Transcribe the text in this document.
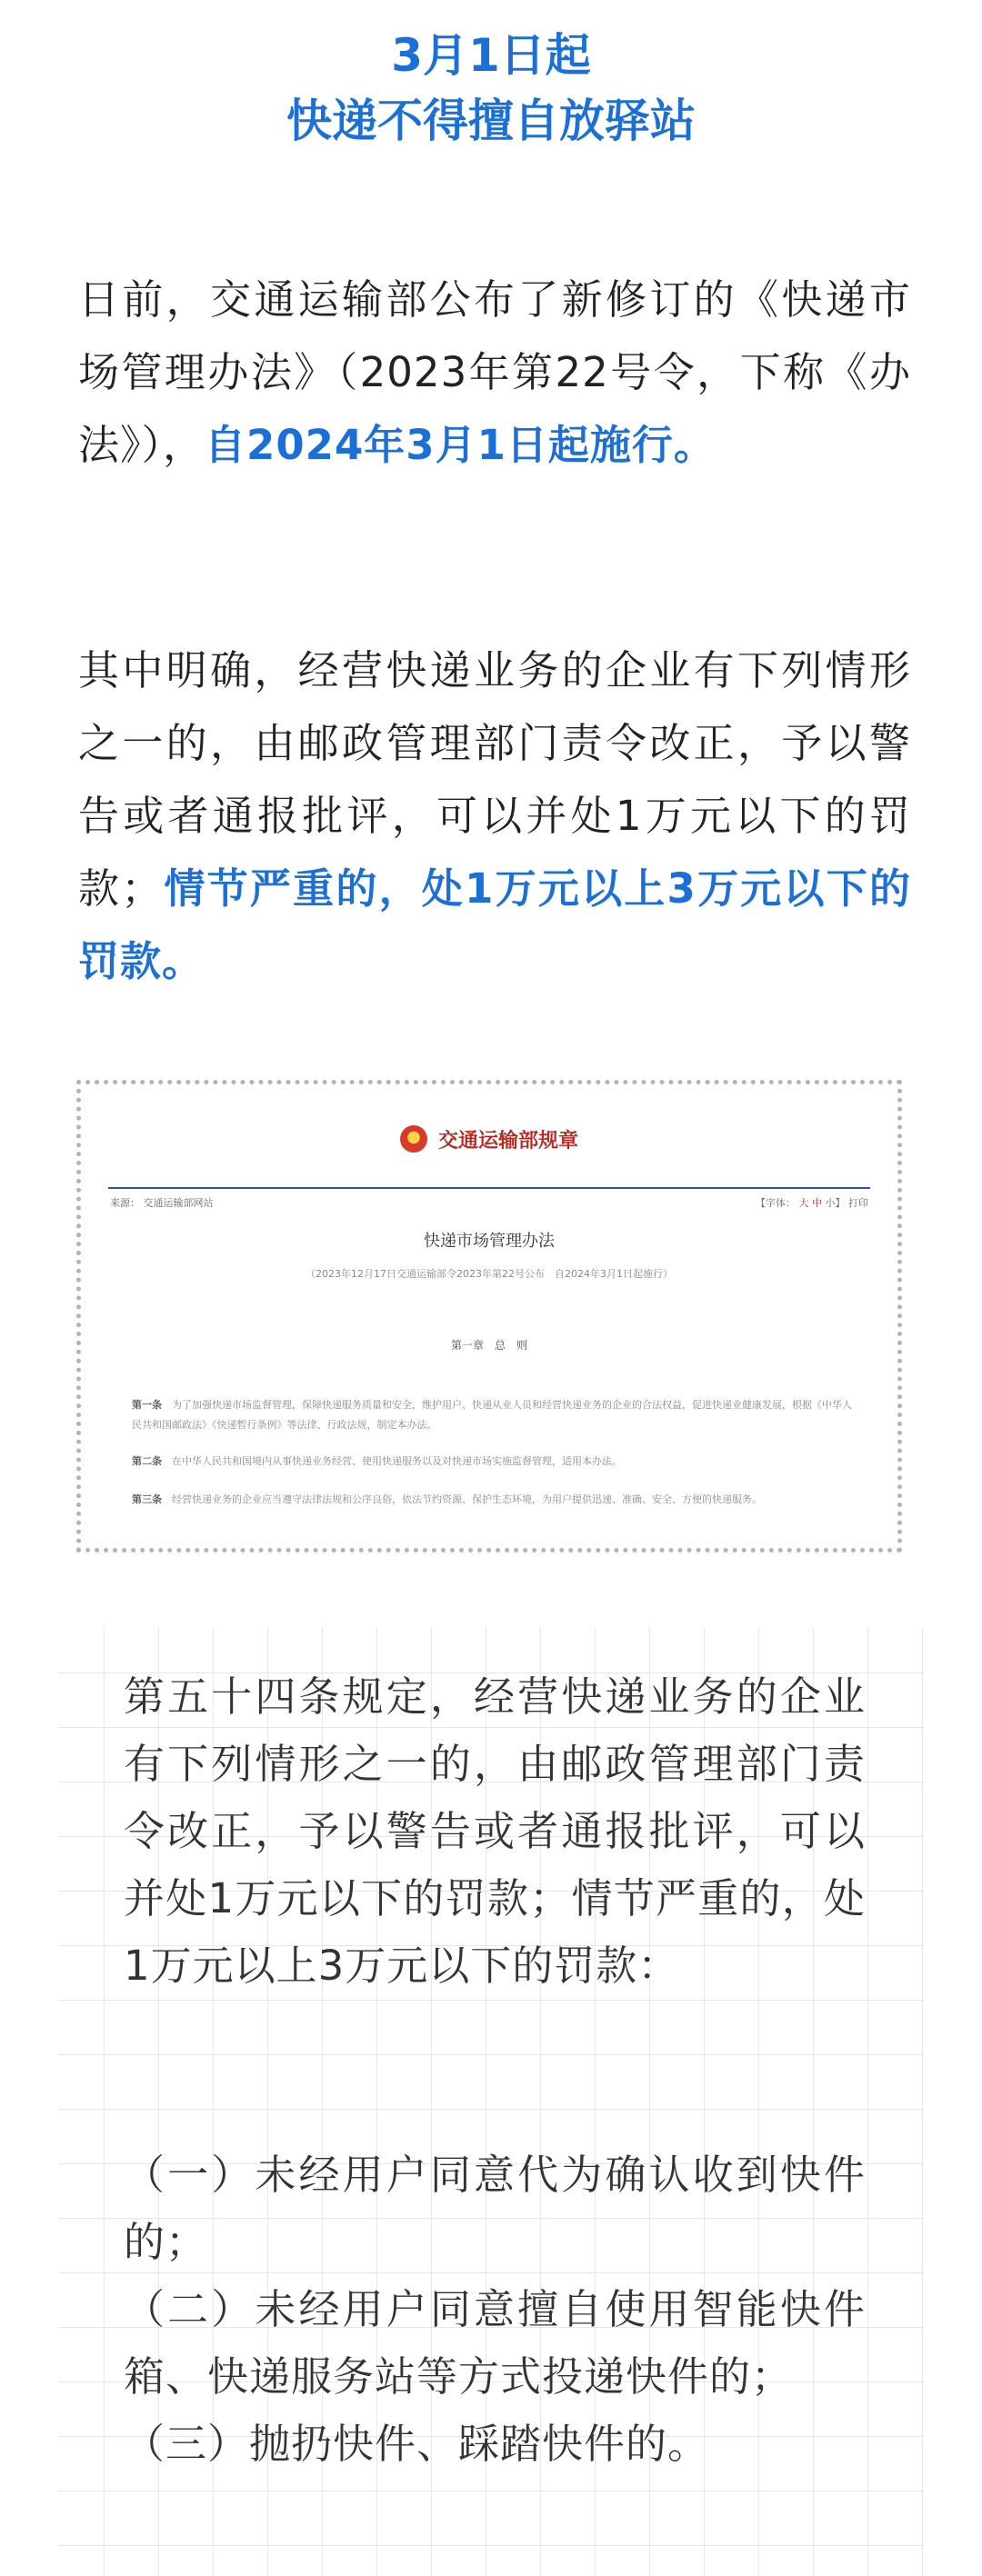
3月1日起
快递不得擅自放驿站
日前，交通运输部公布了新修订的《快递市场管理办法》（2023年第22号令，下称《办法》），自2024年3月1日起施行。
其中明确，经营快递业务的企业有下列情形之一的，由邮政管理部门责令改正，予以警告或者通报批评，可以并处1万元以下的罚款；情节严重的，处1万元以上3万元以下的罚款。
交通运输部规章
来源： 交通运输部网站	【字体： 大 中 小】 打印
快递市场管理办法
（2023年12月17日交通运输部令2023年第22号公布　自2024年3月1日起施行）
第一章　总　则
第一条　 为了加强快递市场监督管理，保障快递服务质量和安全，维护用户、快递从业人员和经营快递业务的企业的合法权益，促进快递业健康发展，根据《中华人民共和国邮政法》《快递暂行条例》等法律、行政法规，制定本办法。
第二条　 在中华人民共和国境内从事快递业务经营、使用快递服务以及对快递市场实施监督管理，适用本办法。
第三条　 经营快递业务的企业应当遵守法律法规和公序良俗，依法节约资源、保护生态环境，为用户提供迅速、准确、安全、方便的快递服务。
第五十四条规定，经营快递业务的企业有下列情形之一的，由邮政管理部门责令改正，予以警告或者通报批评，可以并处1万元以下的罚款；情节严重的，处1万元以上3万元以下的罚款：

（一）未经用户同意代为确认收到快件的；

（二）未经用户同意擅自使用智能快件箱、快递服务站等方式投递快件的；

（三）抛扔快件、踩踏快件的。
